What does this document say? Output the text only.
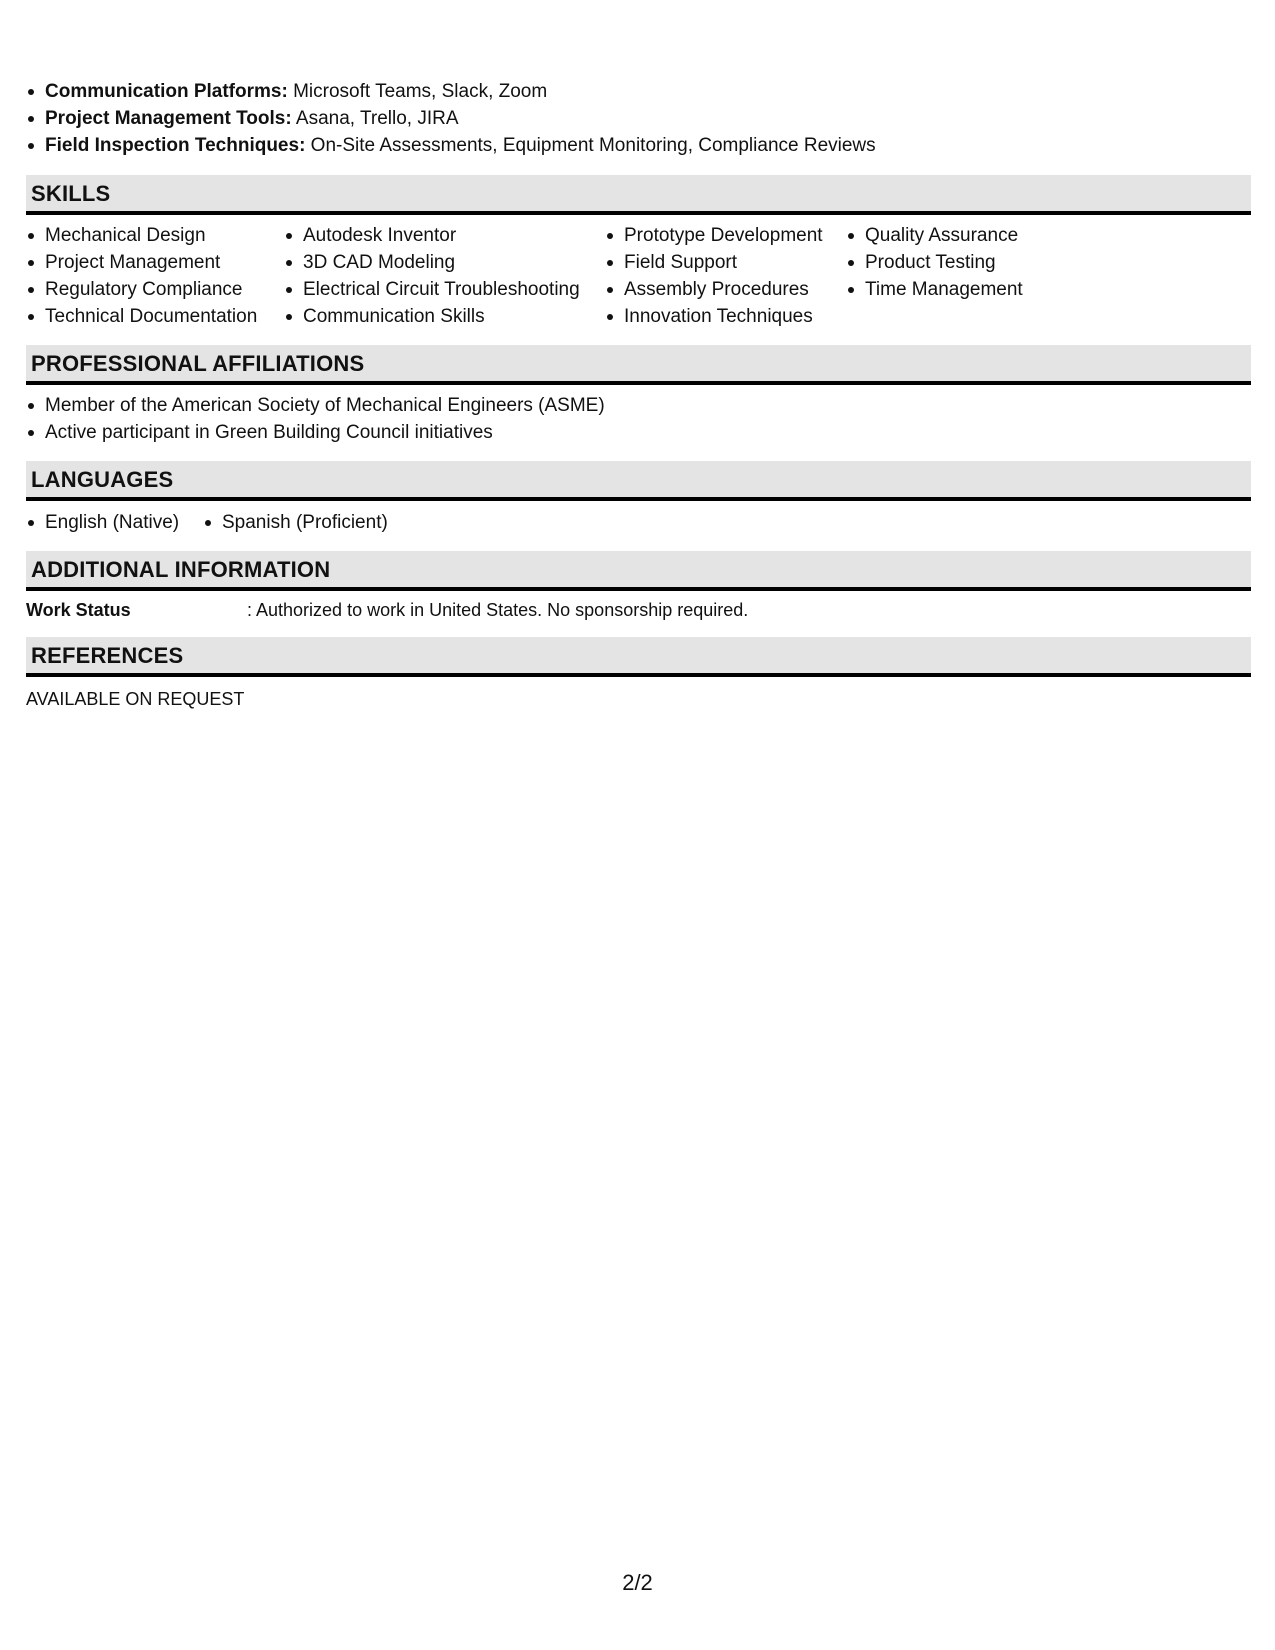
Communication Platforms: Microsoft Teams, Slack, Zoom
Project Management Tools: Asana, Trello, JIRA
Field Inspection Techniques: On-Site Assessments, Equipment Monitoring, Compliance Reviews
SKILLS
Mechanical Design
Project Management
Regulatory Compliance
Technical Documentation
Autodesk Inventor
3D CAD Modeling
Electrical Circuit Troubleshooting
Communication Skills
Prototype Development
Field Support
Assembly Procedures
Innovation Techniques
Quality Assurance
Product Testing
Time Management
PROFESSIONAL AFFILIATIONS
Member of the American Society of Mechanical Engineers (ASME)
Active participant in Green Building Council initiatives
LANGUAGES
English (Native)	Spanish (Proficient)
ADDITIONAL INFORMATION
Work Status	: Authorized to work in United States. No sponsorship required.
REFERENCES
AVAILABLE ON REQUEST
2/2
